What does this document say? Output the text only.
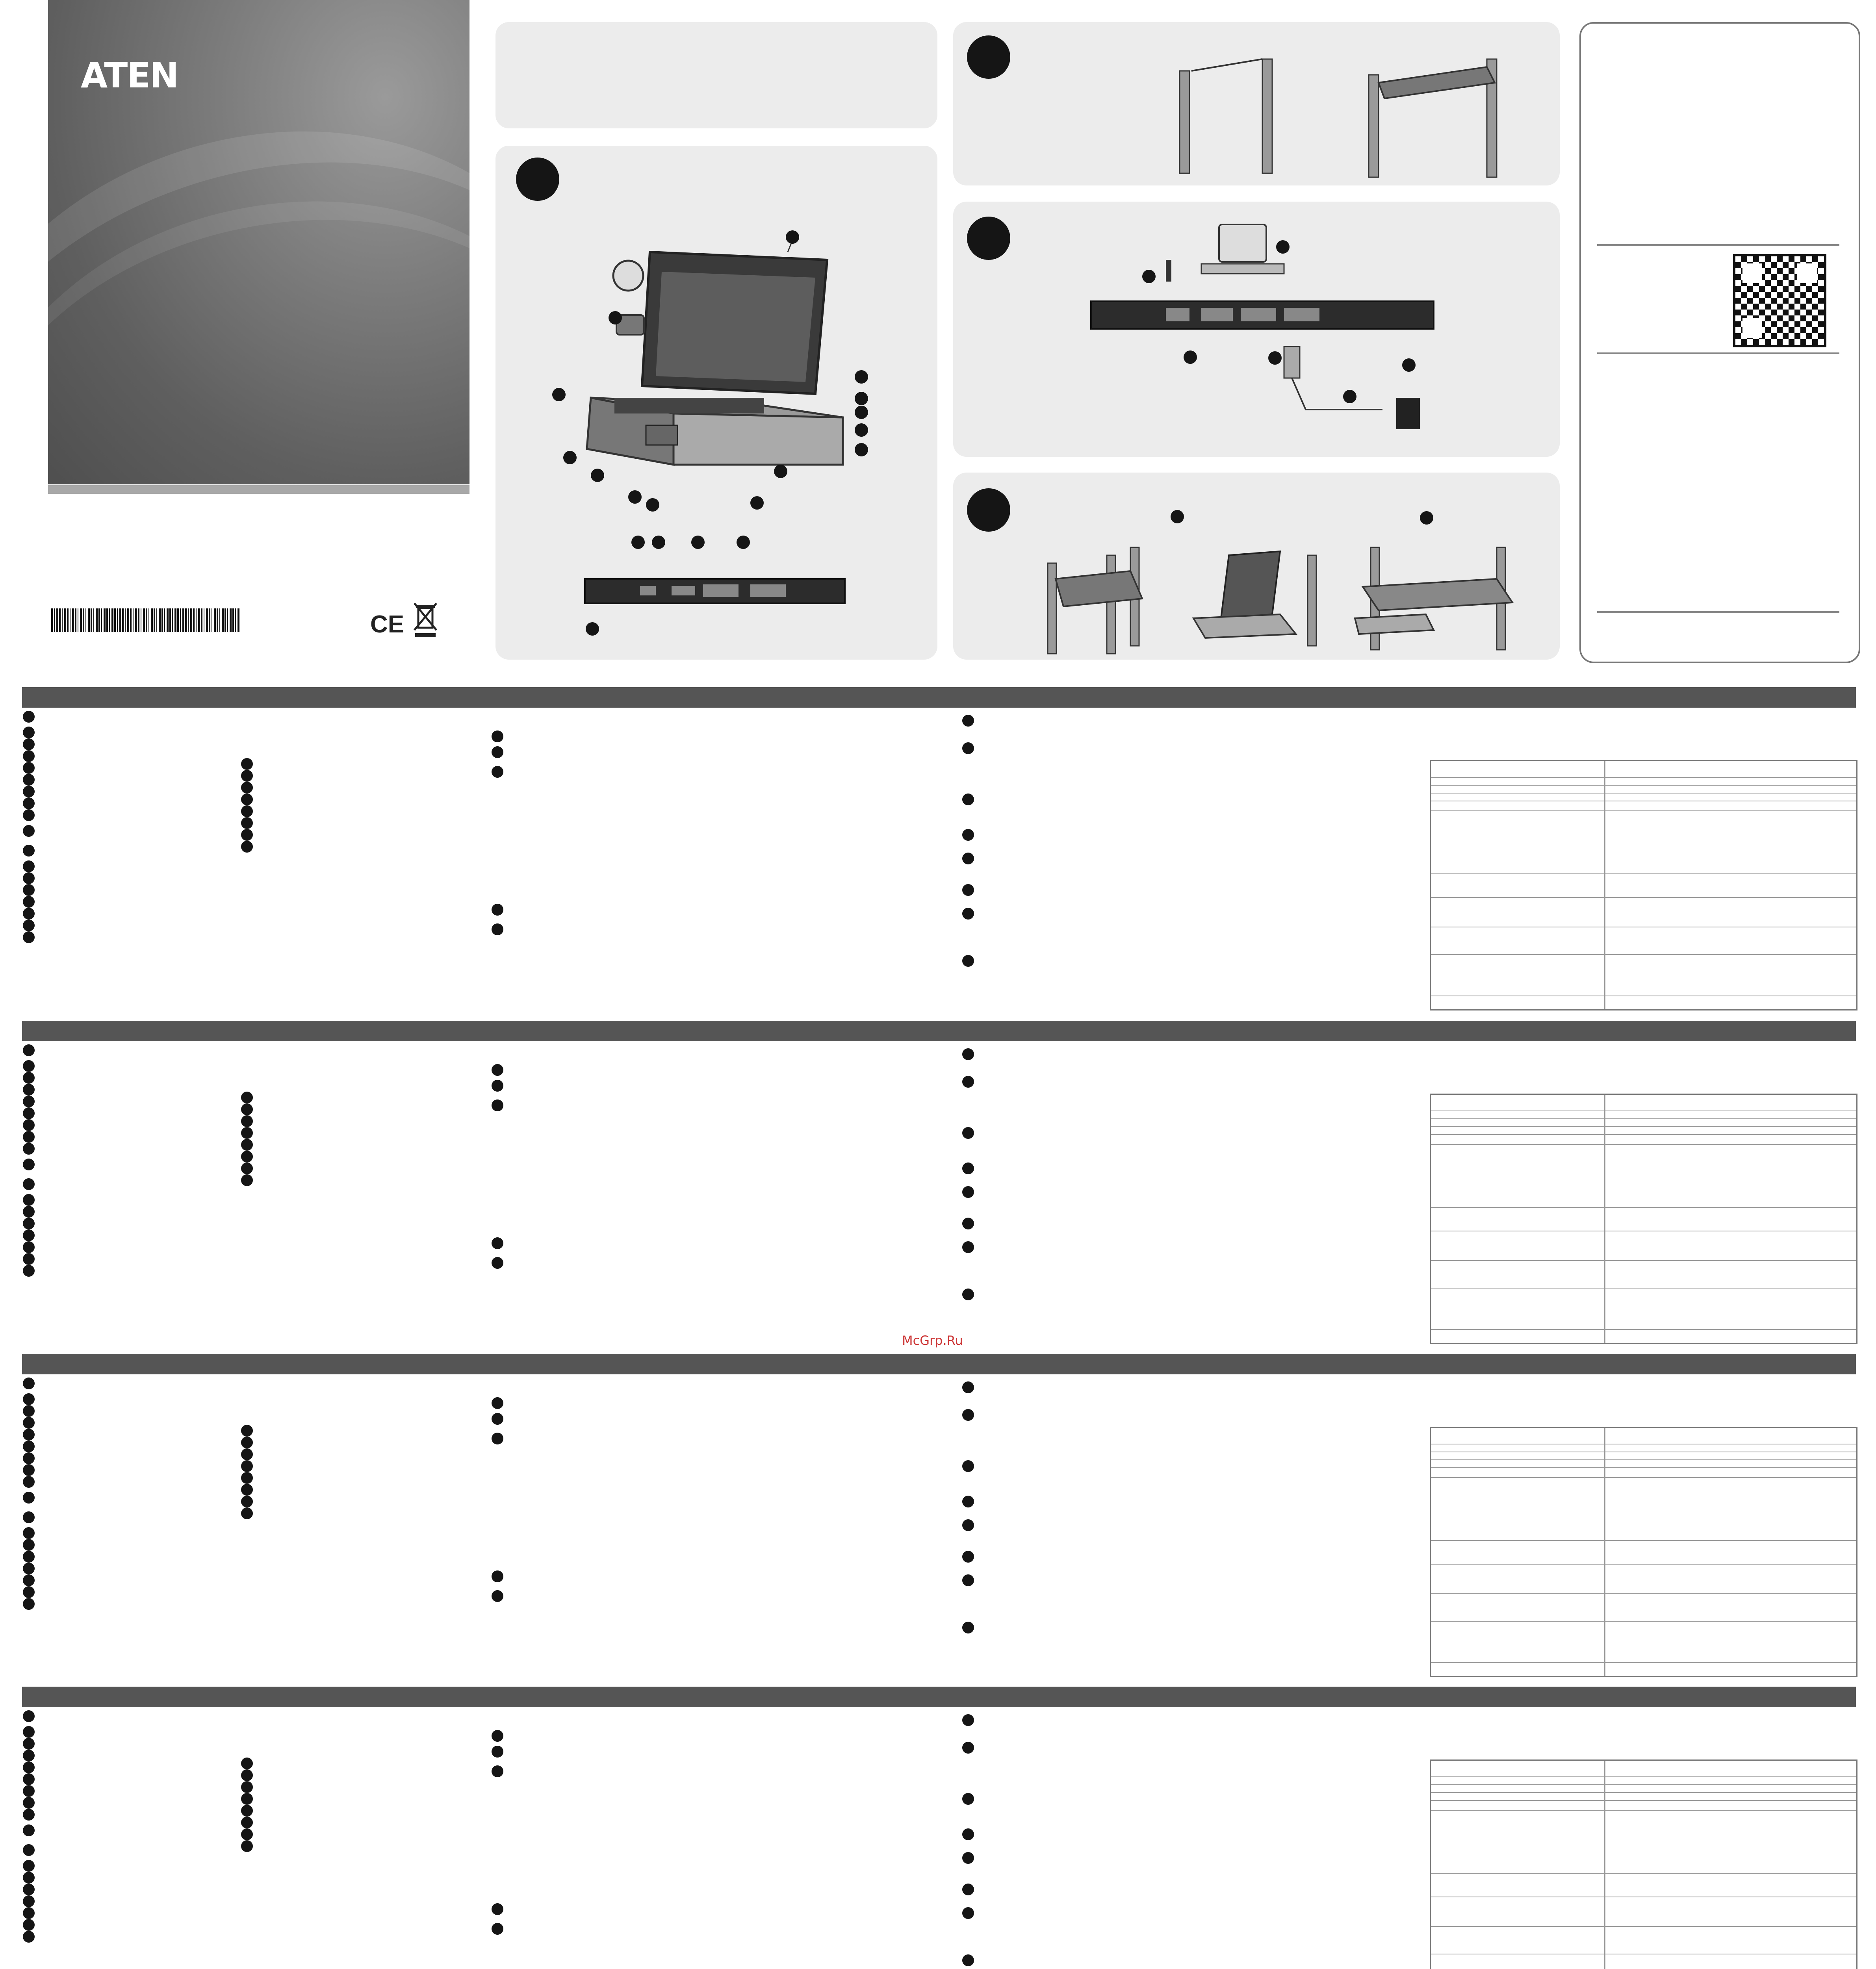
ATEN
CE
McGrp.Ru
